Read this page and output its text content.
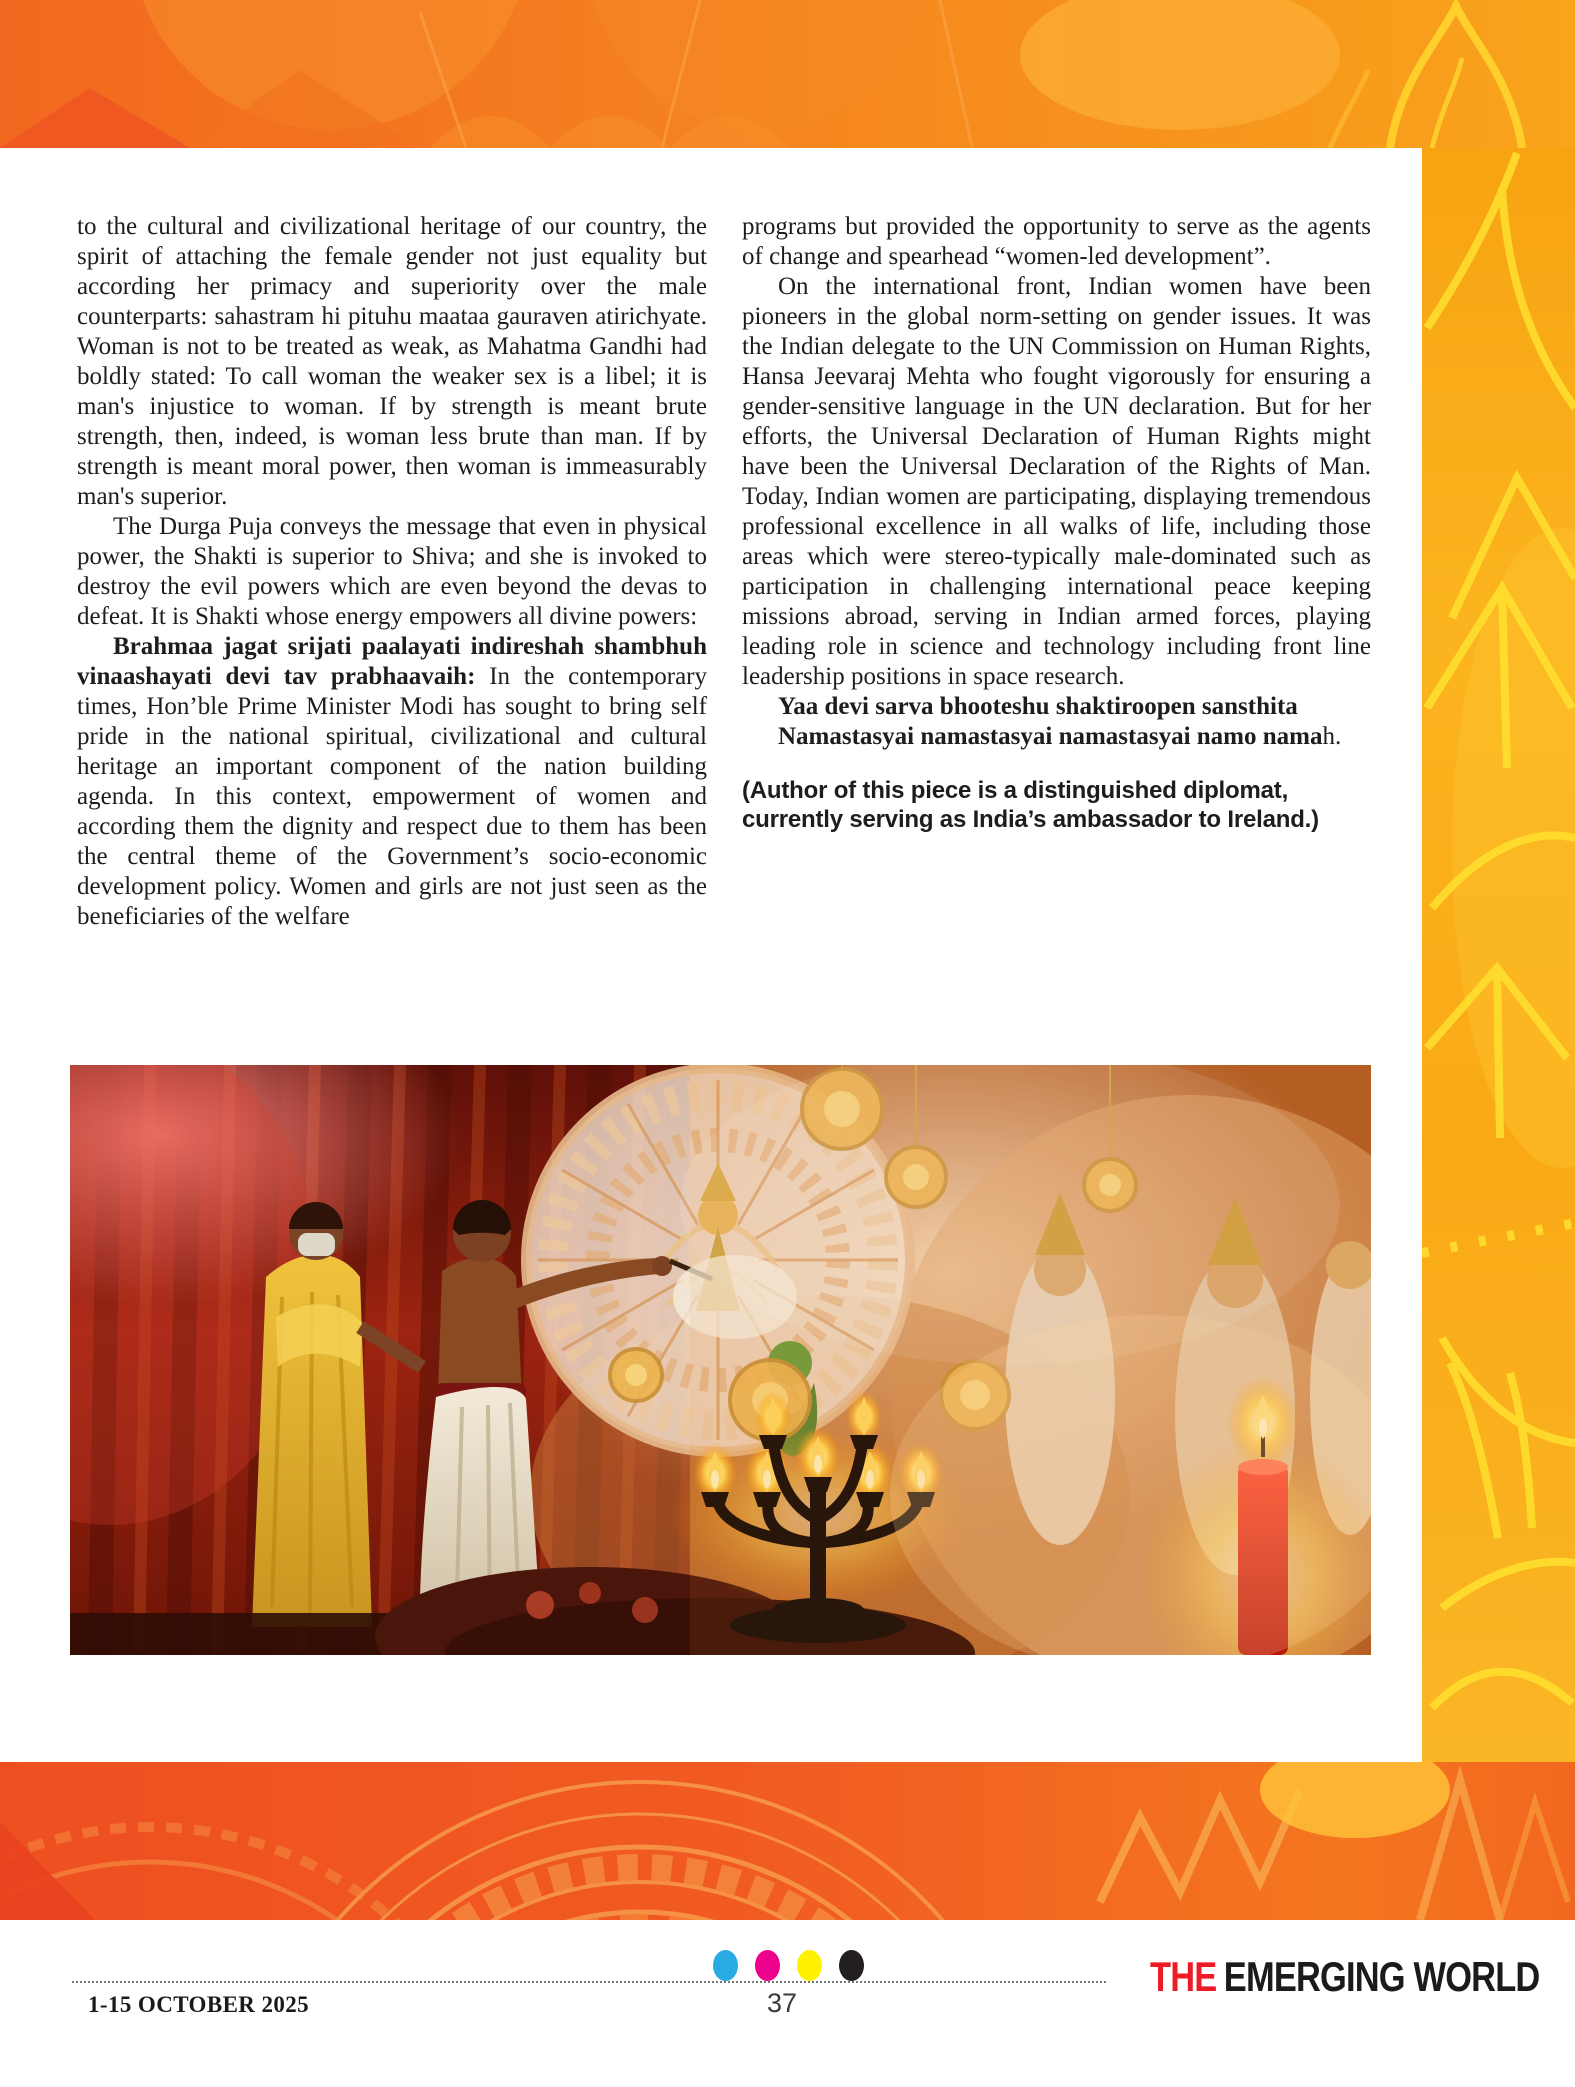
to the cultural and civilizational heritage of our country, the spirit of attaching the female gender not just equality but according her primacy and superiority over the male counterparts: sahastram hi pituhu maataa gauraven atirichyate. Woman is not to be treated as weak, as Mahatma Gandhi had boldly stated: To call woman the weaker sex is a libel; it is man's injustice to woman. If by strength is meant brute strength, then, indeed, is woman less brute than man. If by strength is meant moral power, then woman is immeasurably man's superior.

The Durga Puja conveys the message that even in physical power, the Shakti is superior to Shiva; and she is invoked to destroy the evil powers which are even beyond the devas to defeat. It is Shakti whose energy empowers all divine powers:

Brahmaa jagat srijati paalayati indireshah shambhuh vinaashayati devi tav prabhaavaih: In the contemporary times, Hon’ble Prime Minister Modi has sought to bring self pride in the national spiritual, civilizational and cultural heritage an important component of the nation building agenda. In this context, empowerment of women and according them the dignity and respect due to them has been the central theme of the Government’s socio-economic development policy. Women and girls are not just seen as the beneficiaries of the welfare

programs but provided the opportunity to serve as the agents of change and spearhead “women-led development”.

On the international front, Indian women have been pioneers in the global norm-setting on gender issues. It was the Indian delegate to the UN Commission on Human Rights, Hansa Jeevaraj Mehta who fought vigorously for ensuring a gender-sensitive language in the UN declaration. But for her efforts, the Universal Declaration of Human Rights might have been the Universal Declaration of the Rights of Man. Today, Indian women are participating, displaying tremendous professional excellence in all walks of life, including those areas which were stereo-typically male-dominated such as participation in challenging international peace keeping missions abroad, serving in Indian armed forces, playing leading role in science and technology including front line leadership positions in space research.

Yaa devi sarva bhooteshu shaktiroopen sansthita

Namastasyai namastasyai namastasyai namo namah.

(Author of this piece is a distinguished diplomat, currently serving as India’s ambassador to Ireland.)

1-15 OCTOBER 2025	37
THE EMERGING WORLD
